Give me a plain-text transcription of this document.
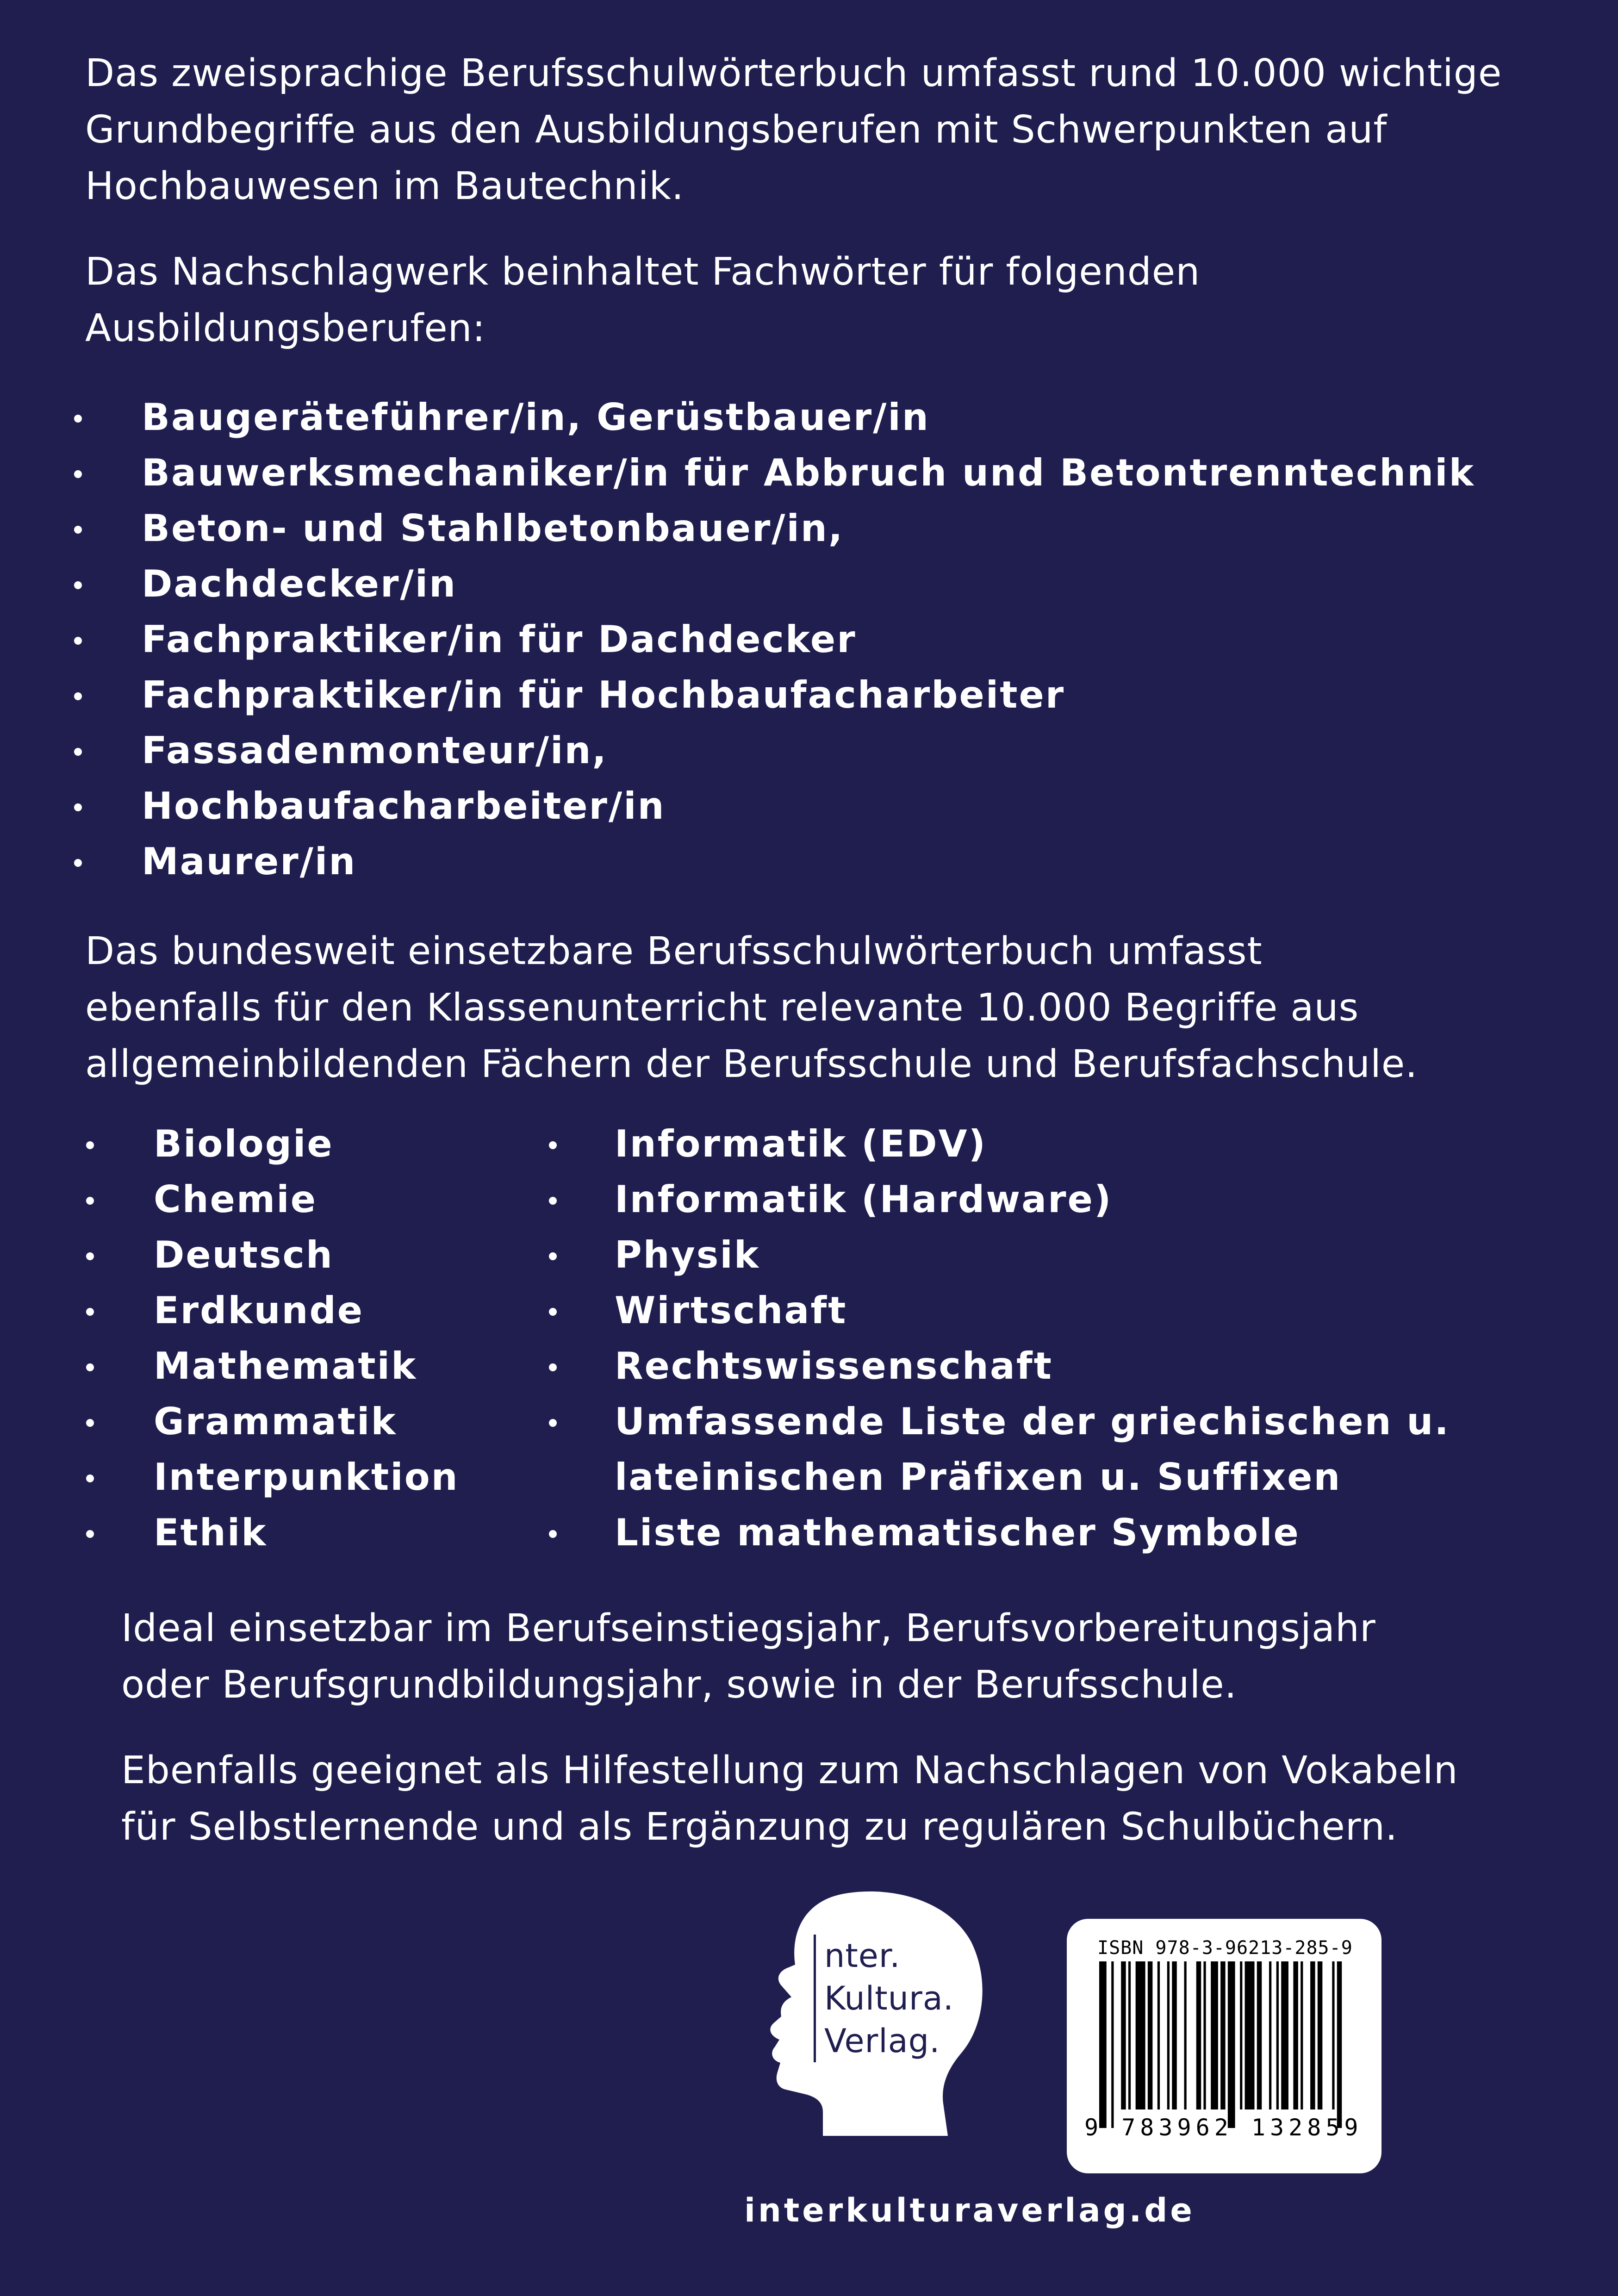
Das zweisprachige Berufsschulwörterbuch umfasst rund 10.000 wichtige
Grundbegriffe aus den Ausbildungsberufen mit Schwerpunkten auf
Hochbauwesen im Bautechnik.
Das Nachschlagwerk beinhaltet Fachwörter für folgenden
Ausbildungsberufen:
Baugeräteführer/in, Gerüstbauer/in
Bauwerksmechaniker/in für Abbruch und Betontrenntechnik
Beton- und Stahlbetonbauer/in,
Dachdecker/in
Fachpraktiker/in für Dachdecker
Fachpraktiker/in für Hochbaufacharbeiter
Fassadenmonteur/in,
Hochbaufacharbeiter/in
Maurer/in
Das bundesweit einsetzbare Berufsschulwörterbuch umfasst
ebenfalls für den Klassenunterricht relevante 10.000 Begriffe aus
allgemeinbildenden Fächern der Berufsschule und Berufsfachschule.
Biologie
Chemie
Deutsch
Erdkunde
Mathematik
Grammatik
Interpunktion
Ethik
Informatik (EDV)
Informatik (Hardware)
Physik
Wirtschaft
Rechtswissenschaft
Umfassende Liste der griechischen u.
lateinischen Präfixen u. Suffixen
Liste mathematischer Symbole
Ideal einsetzbar im Berufseinstiegsjahr, Berufsvorbereitungsjahr
oder Berufsgrundbildungsjahr, sowie in der Berufsschule.
Ebenfalls geeignet als Hilfestellung zum Nachschlagen von Vokabeln
für Selbstlernende und als Ergänzung zu regulären Schulbüchern.
nter.
Kultura.
Verlag.
ISBN 978-3-96213-285-9
9 783962 132859
interkulturaverlag.de
